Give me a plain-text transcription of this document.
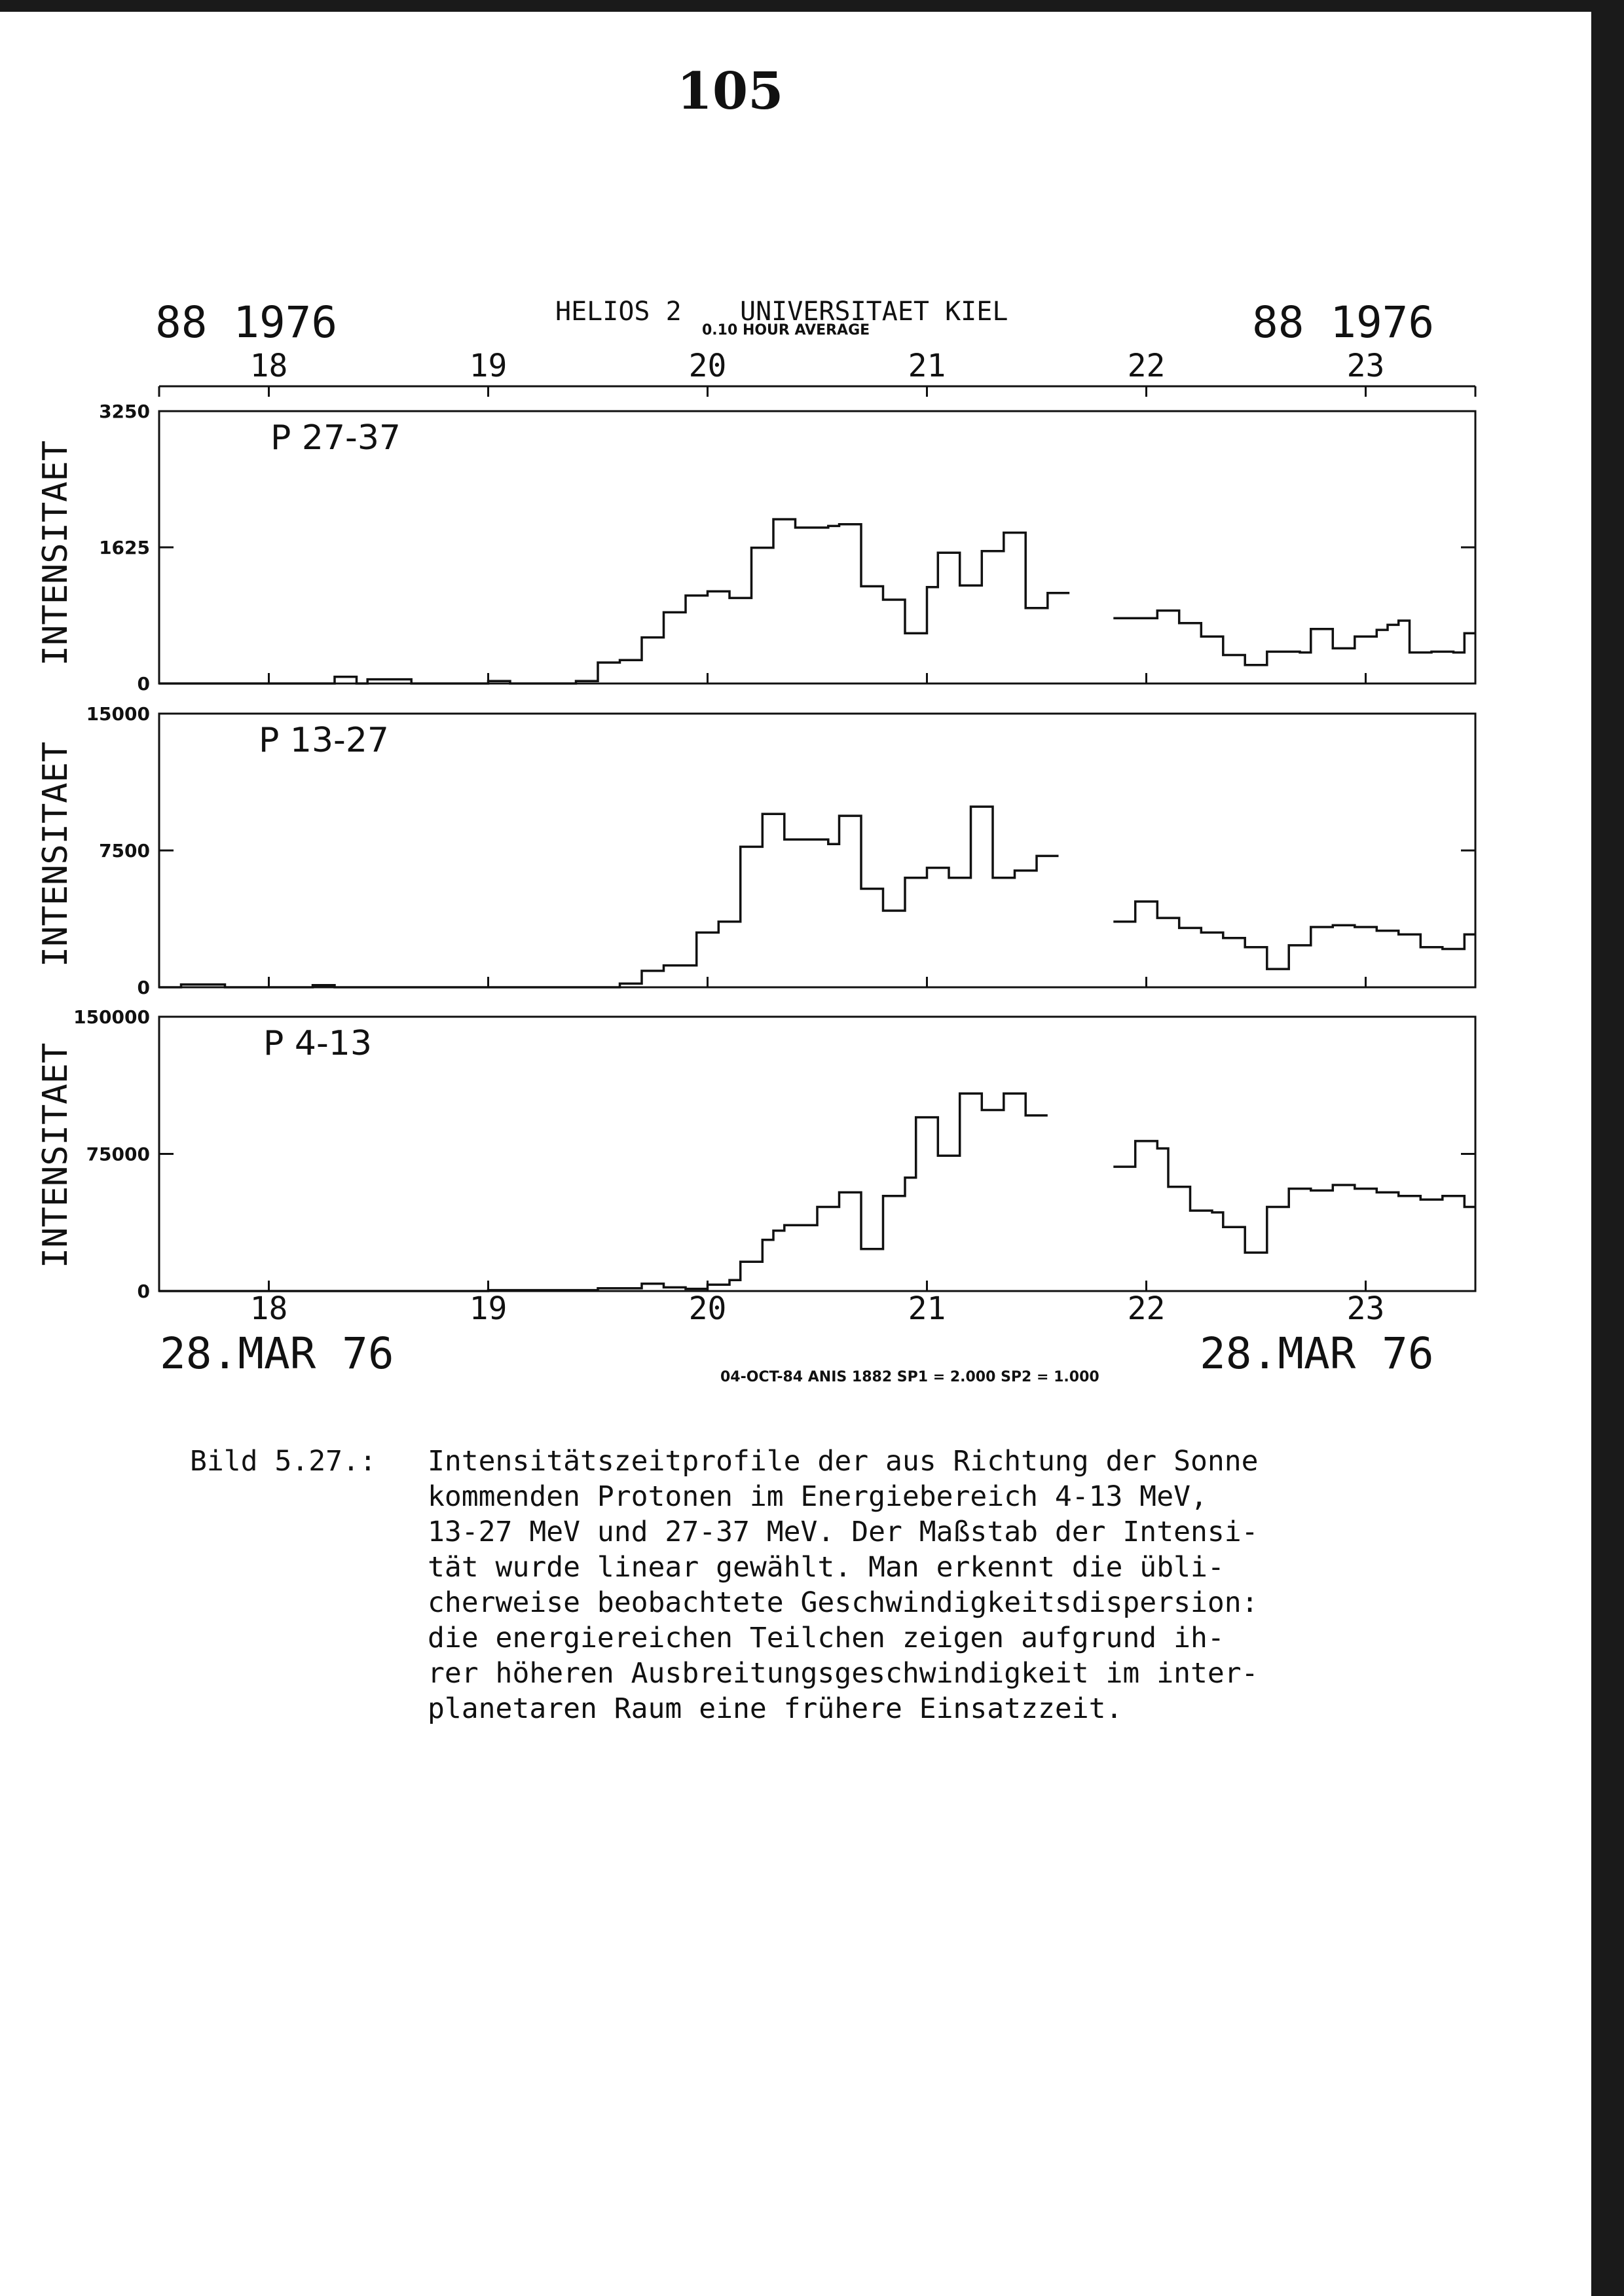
105
88 1976	88 1976
HELIOS 2 UNIVERSITAET KIEL
0.10 HOUR AVERAGE
18
18
19
19
20
20
21
21
22
22
23
23
28.MAR 76	28.MAR 76
04-OCT-84 ANIS 1882 SP1 = 2.000 SP2 = 1.000
INTENSITAET
INTENSITAET
INTENSITAET
0
1625
3250
P 27-37
0
7500
15000
P 13-27
0
75000
150000
P 4-13
Bild 5.27.: Intensitätszeitprofile der aus Richtung der Sonne
kommenden Protonen im Energiebereich 4-13 MeV,
13-27 MeV und 27-37 MeV. Der Maßstab der Intensi-
tät wurde linear gewählt. Man erkennt die übli-
cherweise beobachtete Geschwindigkeitsdispersion:
die energiereichen Teilchen zeigen aufgrund ih-
rer höheren Ausbreitungsgeschwindigkeit im inter-
planetaren Raum eine frühere Einsatzzeit.
